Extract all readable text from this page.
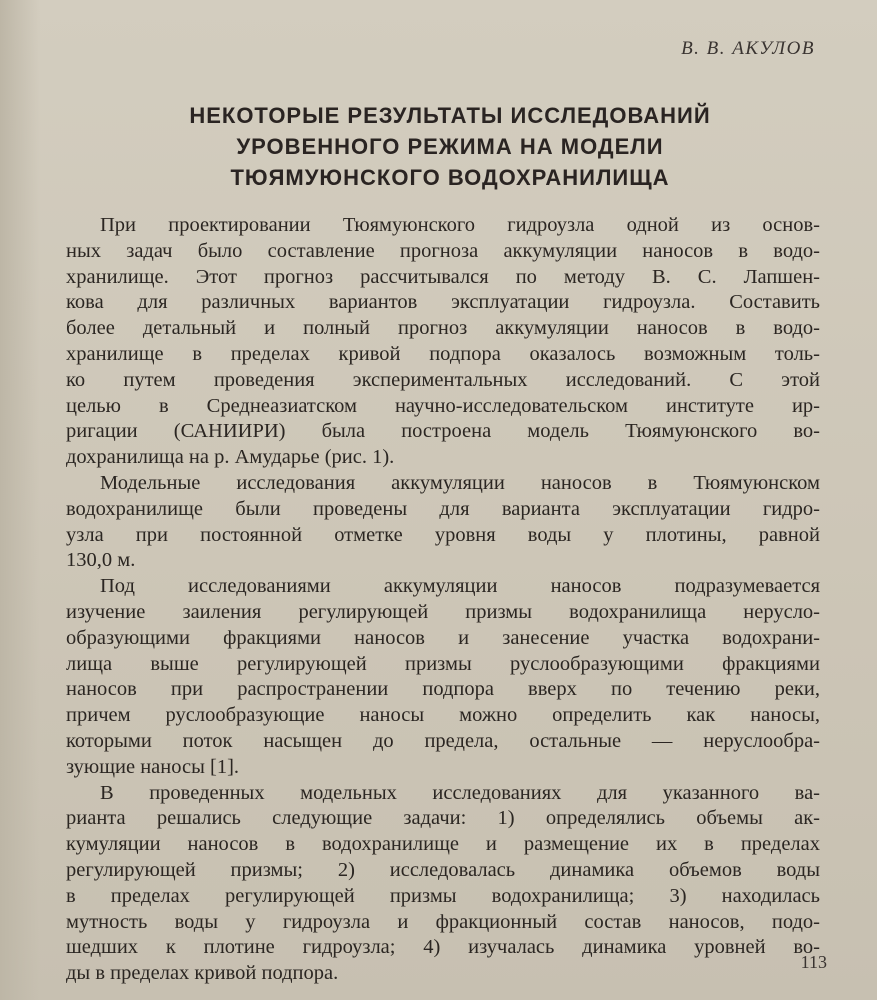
В. В. АКУЛОВ
НЕКОТОРЫЕ РЕЗУЛЬТАТЫ ИССЛЕДОВАНИЙ
УРОВЕННОГО РЕЖИМА НА МОДЕЛИ
ТЮЯМУЮНСКОГО ВОДОХРАНИЛИЩА

При проектировании Тюямуюнского гидроузла одной из основ-
ных задач было составление прогноза аккумуляции наносов в водо-
хранилище. Этот прогноз рассчитывался по методу В. С. Лапшен-
кова для различных вариантов эксплуатации гидроузла. Составить
более детальный и полный прогноз аккумуляции наносов в водо-
хранилище в пределах кривой подпора оказалось возможным толь-
ко путем проведения экспериментальных исследований. С этой
целью в Среднеазиатском научно-исследовательском институте ир-
ригации (САНИИРИ) была построена модель Тюямуюнского во-
дохранилища на р. Амударье (рис. 1).

Модельные исследования аккумуляции наносов в Тюямуюнском
водохранилище были проведены для варианта эксплуатации гидро-
узла при постоянной отметке уровня воды у плотины, равной
130,0 м.

Под исследованиями аккумуляции наносов подразумевается
изучение заиления регулирующей призмы водохранилища нерусло-
образующими фракциями наносов и занесение участка водохрани-
лища выше регулирующей призмы руслообразующими фракциями
наносов при распространении подпора вверх по течению реки,
причем руслообразующие наносы можно определить как наносы,
которыми поток насыщен до предела, остальные — неруслообра-
зующие наносы [1].

В проведенных модельных исследованиях для указанного ва-
рианта решались следующие задачи: 1) определялись объемы ак-
кумуляции наносов в водохранилище и размещение их в пределах
регулирующей призмы; 2) исследовалась динамика объемов воды
в пределах регулирующей призмы водохранилища; 3) находилась
мутность воды у гидроузла и фракционный состав наносов, подо-
шедших к плотине гидроузла; 4) изучалась динамика уровней во-
ды в пределах кривой подпора.

113
